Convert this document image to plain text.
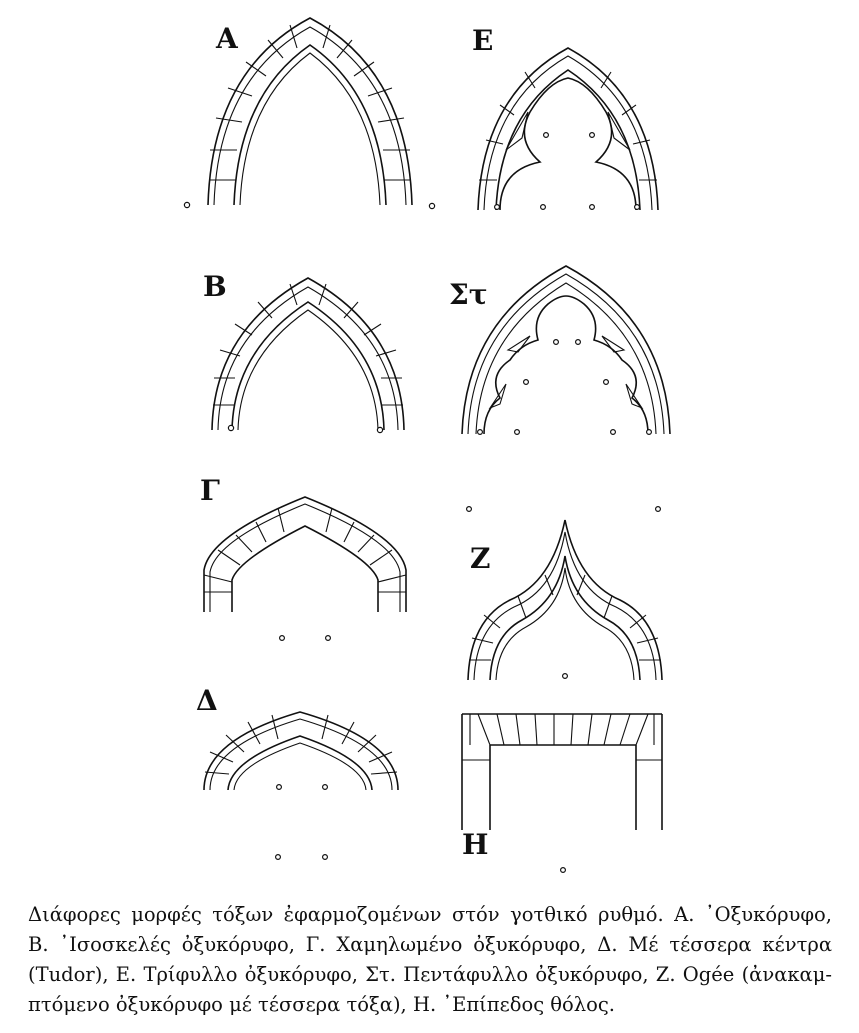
A	E
B	Στ
Γ
Z
Δ
H
Διάφορες μορφές τόξων ἐφαρμοζομένων στόν γοτθικό ρυθμό. Α. ᾿Οξυκόρυφο,
Β. ᾿Ισοσκελές ὀξυκόρυφο, Γ. Χαμηλωμένο ὀξυκόρυφο, Δ. Μέ τέσσερα κέντρα
(Tudor), Ε. Τρίφυλλο ὀξυκόρυφο, Στ. Πεντάφυλλο ὀξυκόρυφο, Ζ. Ogée (ἀνακαμ-
πτόμενο ὀξυκόρυφο μέ τέσσερα τόξα), Η. ᾿Επίπεδος θόλος.
